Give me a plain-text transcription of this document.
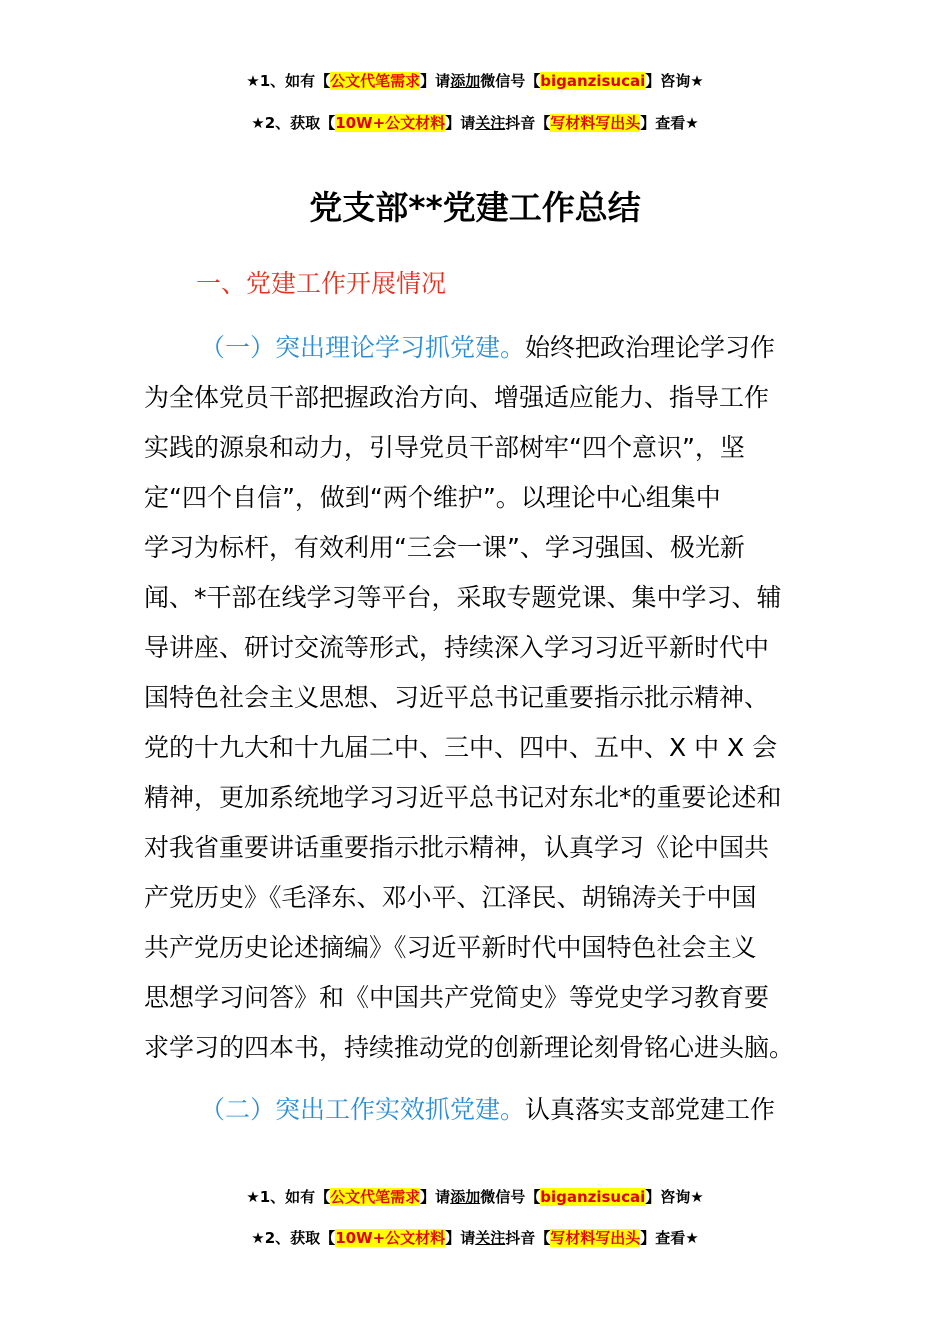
★1、如有【公文代笔需求】请添加微信号【biganzisucai】咨询★
★2、获取【10W+公文材料】请关注抖音【写材料写出头】查看★
党支部**党建工作总结
一、党建工作开展情况
（一）突出理论学习抓党建。始终把政治理论学习作
为全体党员干部把握政治方向、增强适应能力、指导工作
实践的源泉和动力，引导党员干部树牢“四个意识”，坚
定“四个自信”，做到“两个维护”。以理论中心组集中
学习为标杆，有效利用“三会一课”、学习强国、极光新
闻、*干部在线学习等平台，采取专题党课、集中学习、辅
导讲座、研讨交流等形式，持续深入学习习近平新时代中
国特色社会主义思想、习近平总书记重要指示批示精神、
党的十九大和十九届二中、三中、四中、五中、X 中 X 会
精神，更加系统地学习习近平总书记对东北*的重要论述和
对我省重要讲话重要指示批示精神，认真学习《论中国共
产党历史》《毛泽东、邓小平、江泽民、胡锦涛关于中国
共产党历史论述摘编》《习近平新时代中国特色社会主义
思想学习问答》和《中国共产党简史》等党史学习教育要
求学习的四本书，持续推动党的创新理论刻骨铭心进头脑。
（二）突出工作实效抓党建。认真落实支部党建工作
★1、如有【公文代笔需求】请添加微信号【biganzisucai】咨询★
★2、获取【10W+公文材料】请关注抖音【写材料写出头】查看★
